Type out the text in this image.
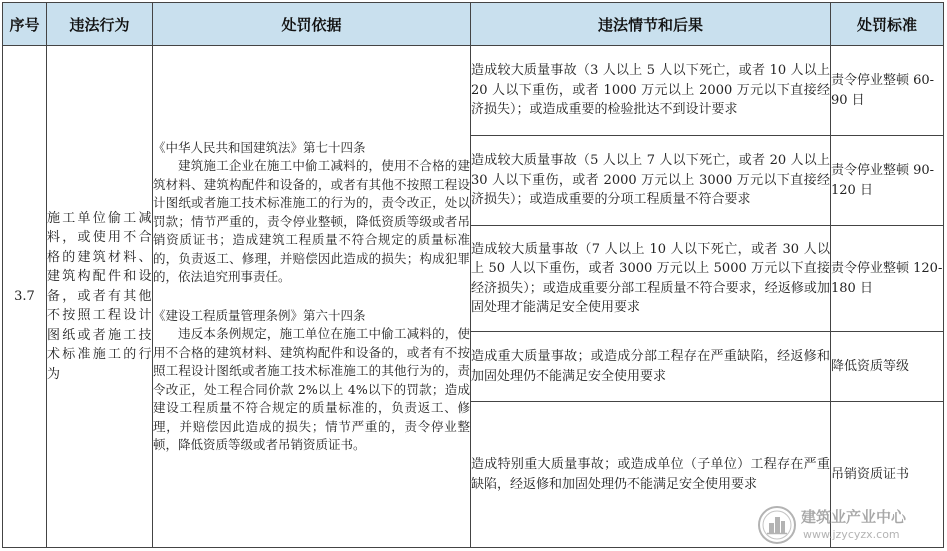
序号	违法行为	处罚依据	违法情节和后果	处罚标准
3.7	施工单位偷工减料，或使用不合格的建筑材料、建筑构配件和设备，或者有其他不按照工程设计图纸或者施工技术标准施工的行为	《中华人民共和国建筑法》第七十四条
建筑施工企业在施工中偷工减料的，使用不合格的建筑材料、建筑构配件和设备的，或者有其他不按照工程设计图纸或者施工技术标准施工的行为的，责令改正，处以罚款；情节严重的，责令停业整顿，降低资质等级或者吊销资质证书；造成建筑工程质量不符合规定的质量标准的，负责返工、修理，并赔偿因此造成的损失；构成犯罪的，依法追究刑事责任。
《建设工程质量管理条例》第六十四条
违反本条例规定，施工单位在施工中偷工减料的，使用不合格的建筑材料、建筑构配件和设备的，或者有不按照工程设计图纸或者施工技术标准施工的其他行为的，责令改正，处工程合同价款 2%以上 4%以下的罚款；造成建设工程质量不符合规定的质量标准的，负责返工、修理，并赔偿因此造成的损失；情节严重的，责令停业整顿，降低资质等级或者吊销资质证书。	造成较大质量事故（3 人以上 5 人以下死亡，或者 10 人以上 20 人以下重伤，或者 1000 万元以上 2000 万元以下直接经济损失）；或造成重要的检验批达不到设计要求	责令停业整顿 60-90 日
			造成较大质量事故（5 人以上 7 人以下死亡，或者 20 人以上 30 人以下重伤，或者 2000 万元以上 3000 万元以下直接经济损失）；或造成重要的分项工程质量不符合要求	责令停业整顿 90-120 日
			造成较大质量事故（7 人以上 10 人以下死亡，或者 30 人以上 50 人以下重伤，或者 3000 万元以上 5000 万元以下直接经济损失）；或造成重要分部工程质量不符合要求，经返修或加固处理才能满足安全使用要求	责令停业整顿 120-180 日
			造成重大质量事故；或造成分部工程存在严重缺陷，经返修和加固处理仍不能满足安全使用要求	降低资质等级
			造成特别重大质量事故；或造成单位（子单位）工程存在严重缺陷，经返修和加固处理仍不能满足安全使用要求	吊销资质证书
建筑业产业中心
www.jzycyzx.com
